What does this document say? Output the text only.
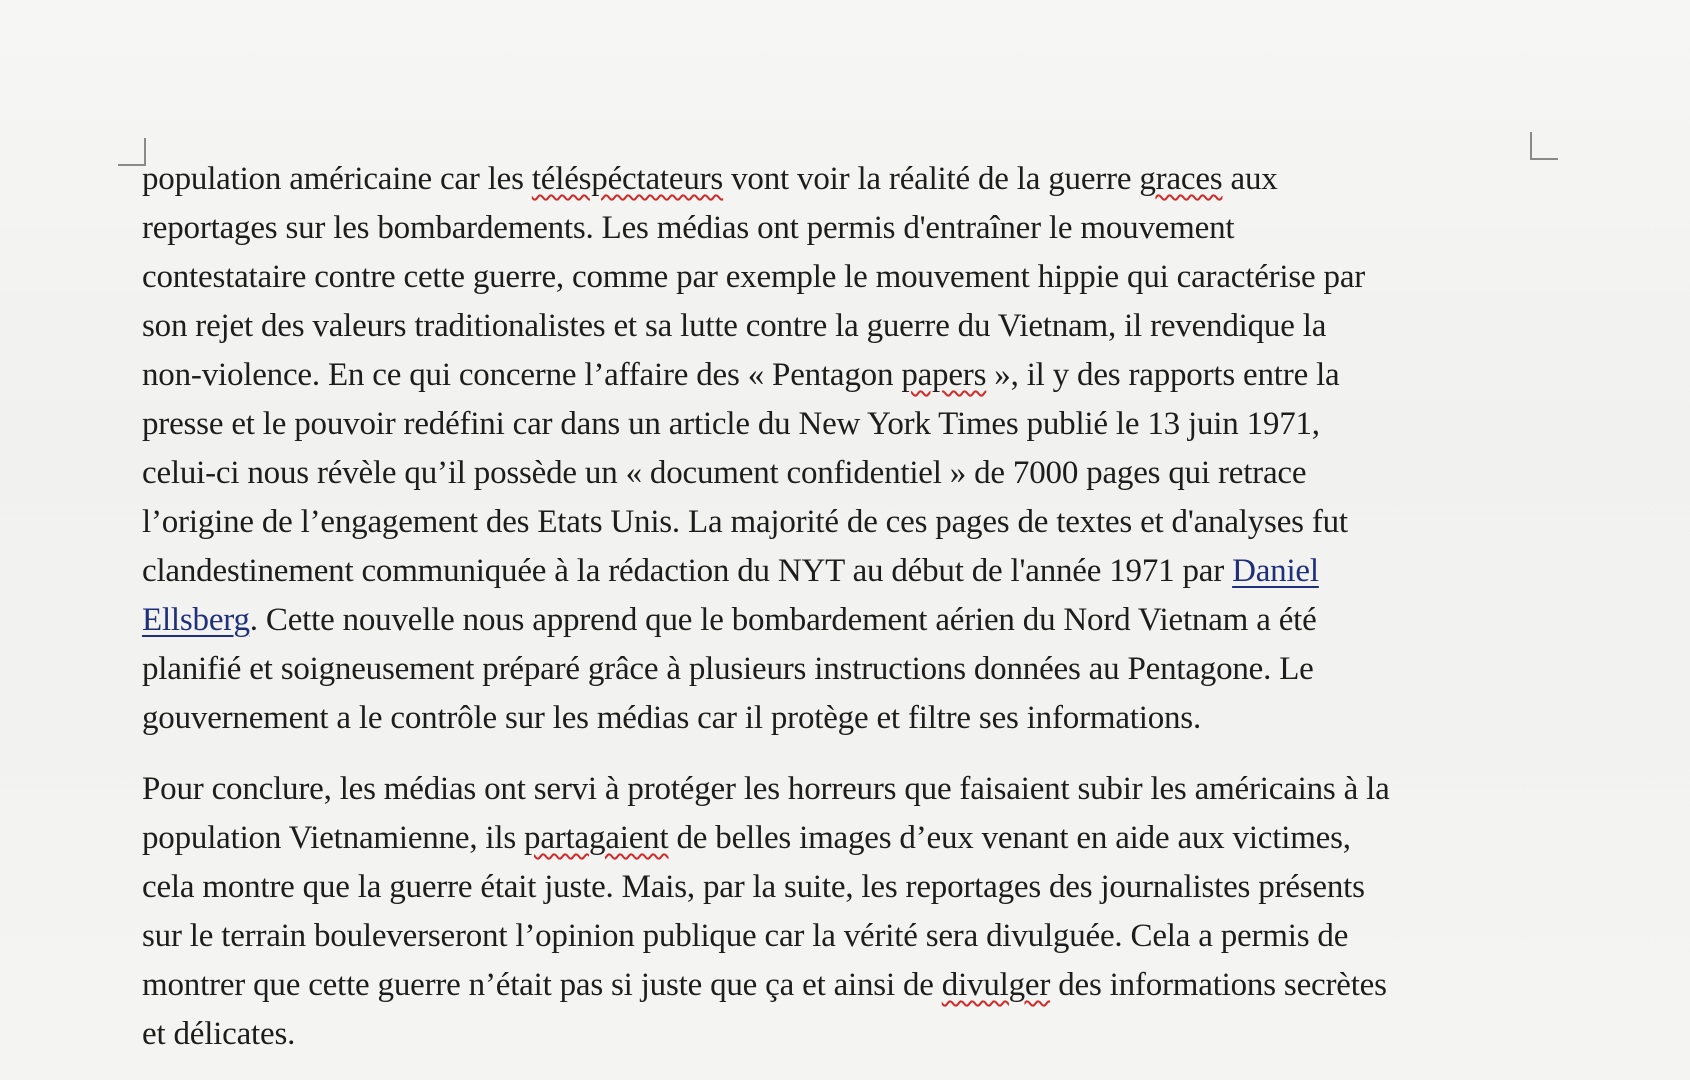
population américaine car les téléspéctateurs vont voir la réalité de la guerre graces aux
reportages sur les bombardements. Les médias ont permis d'entraîner le mouvement
contestataire contre cette guerre, comme par exemple le mouvement hippie qui caractérise par
son rejet des valeurs traditionalistes et sa lutte contre la guerre du Vietnam, il revendique la
non-violence. En ce qui concerne l’affaire des « Pentagon papers », il y des rapports entre la
presse et le pouvoir redéfini car dans un article du New York Times publié le 13 juin 1971,
celui-ci nous révèle qu’il possède un « document confidentiel » de 7000 pages qui retrace
l’origine de l’engagement des Etats Unis. La majorité de ces pages de textes et d'analyses fut
clandestinement communiquée à la rédaction du NYT au début de l'année 1971 par Daniel
Ellsberg. Cette nouvelle nous apprend que le bombardement aérien du Nord Vietnam a été
planifié et soigneusement préparé grâce à plusieurs instructions données au Pentagone. Le
gouvernement a le contrôle sur les médias car il protège et filtre ses informations.
Pour conclure, les médias ont servi à protéger les horreurs que faisaient subir les américains à la
population Vietnamienne, ils partagaient de belles images d’eux venant en aide aux victimes,
cela montre que la guerre était juste. Mais, par la suite, les reportages des journalistes présents
sur le terrain bouleverseront l’opinion publique car la vérité sera divulguée. Cela a permis de
montrer que cette guerre n’était pas si juste que ça et ainsi de divulger des informations secrètes
et délicates.
